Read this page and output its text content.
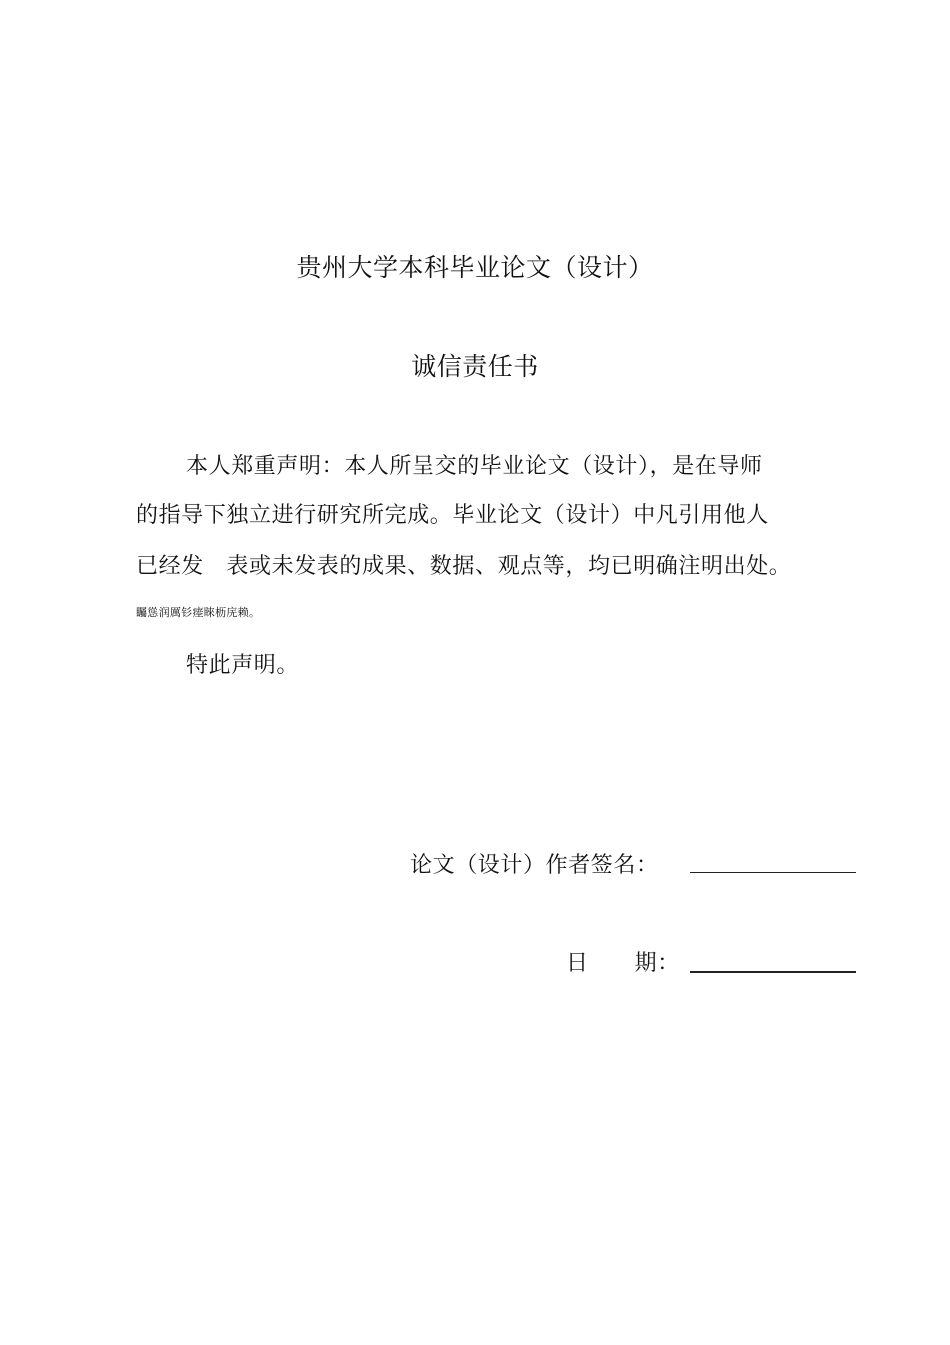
贵州大学本科毕业论文（设计）
诚信责任书
本人郑重声明：本人所呈交的毕业论文（设计），是在导师
的指导下独立进行研究所完成。毕业论文（设计）中凡引用他人
已经发　表或未发表的成果、数据、观点等，均已明确注明出处。
矚慫润厲钐瘗睞枥庑赖。
特此声明。
论文（设计）作者签名：
日 期：
